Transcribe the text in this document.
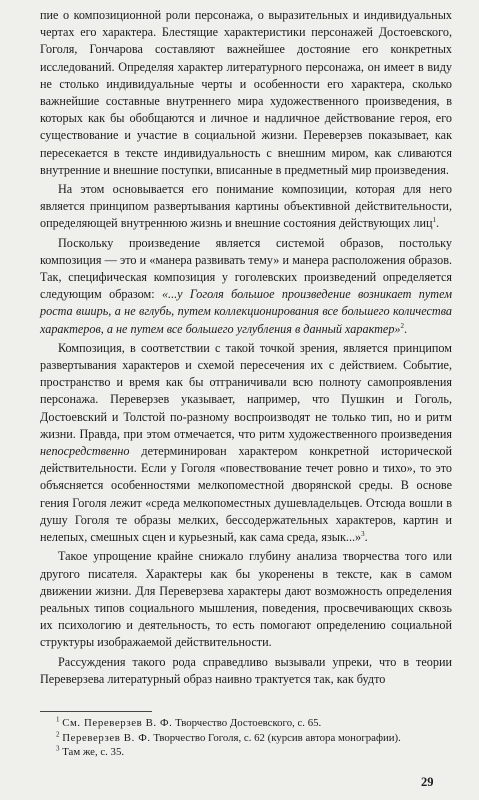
пие о композиционной роли персонажа, о выразительных и индивидуальных чертах его характера. Блестящие характеристики персонажей Достоевского, Гоголя, Гончарова составляют важнейшее достояние его конкретных исследований. Определяя характер литературного персонажа, он имеет в виду не столько индивидуальные черты и особенности его характера, сколько важнейшие составные внутреннего мира художественного произведения, в которых как бы обобщаются и личное и надличное действование героя, его существование и участие в социальной жизни. Переверзев показывает, как пересекается в тексте индивидуальность с внешним миром, как сливаются внутренние и внешние поступки, вписанные в предметный мир произведения.

На этом основывается его понимание композиции, которая для него является принципом развертывания картины объективной действительности, определяющей внутреннюю жизнь и внешние состояния действующих лиц$^1$.

Поскольку произведение является системой образов, постольку композиция — это и «манера развивать тему» и манера расположения образов. Так, специфическая композиция у гоголевских произведений определяется следующим образом: «...у Гоголя большое произведение возникает путем роста вширь, а не вглубь, путем коллекционирования все большего количества характеров, а не путем все большего углубления в данный характер»$^2$.

Композиция, в соответствии с такой точкой зрения, является принципом развертывания характеров и схемой пересечения их с действием. Событие, пространство и время как бы отграничивали всю полноту самопроявления персонажа. Переверзев указывает, например, что Пушкин и Гоголь, Достоевский и Толстой по-разному воспроизводят не только тип, но и ритм жизни. Правда, при этом отмечается, что ритм художественного произведения непосредственно детерминирован характером конкретной исторической действительности. Если у Гоголя «повествование течет ровно и тихо», то это объясняется особенностями мелкопоместной дворянской среды. В основе гения Гоголя лежит «среда мелкопоместных душевладельцев. Отсюда вошли в душу Гоголя те образы мелких, бессодержательных характеров, картин и нелепых, смешных сцен и курьезный, как сама среда, язык...»$^3$.

Такое упрощение крайне снижало глубину анализа творчества того или другого писателя. Характеры как бы укоренены в тексте, как в самом движении жизни. Для Переверзева характеры дают возможность определения реальных типов социального мышления, поведения, просвечивающих сквозь их психологию и деятельность, то есть помогают определению социальной структуры изображаемой действительности.

Рассуждения такого рода справедливо вызывали упреки, что в теории Переверзева литературный образ наивно трактуется так, как будто

$^1$ См. Переверзев В. Ф. Творчество Достоевского, с. 65.
$^2$ Переверзев В. Ф. Творчество Гоголя, с. 62 (курсив автора монографии).
$^3$ Там же, с. 35.
29
